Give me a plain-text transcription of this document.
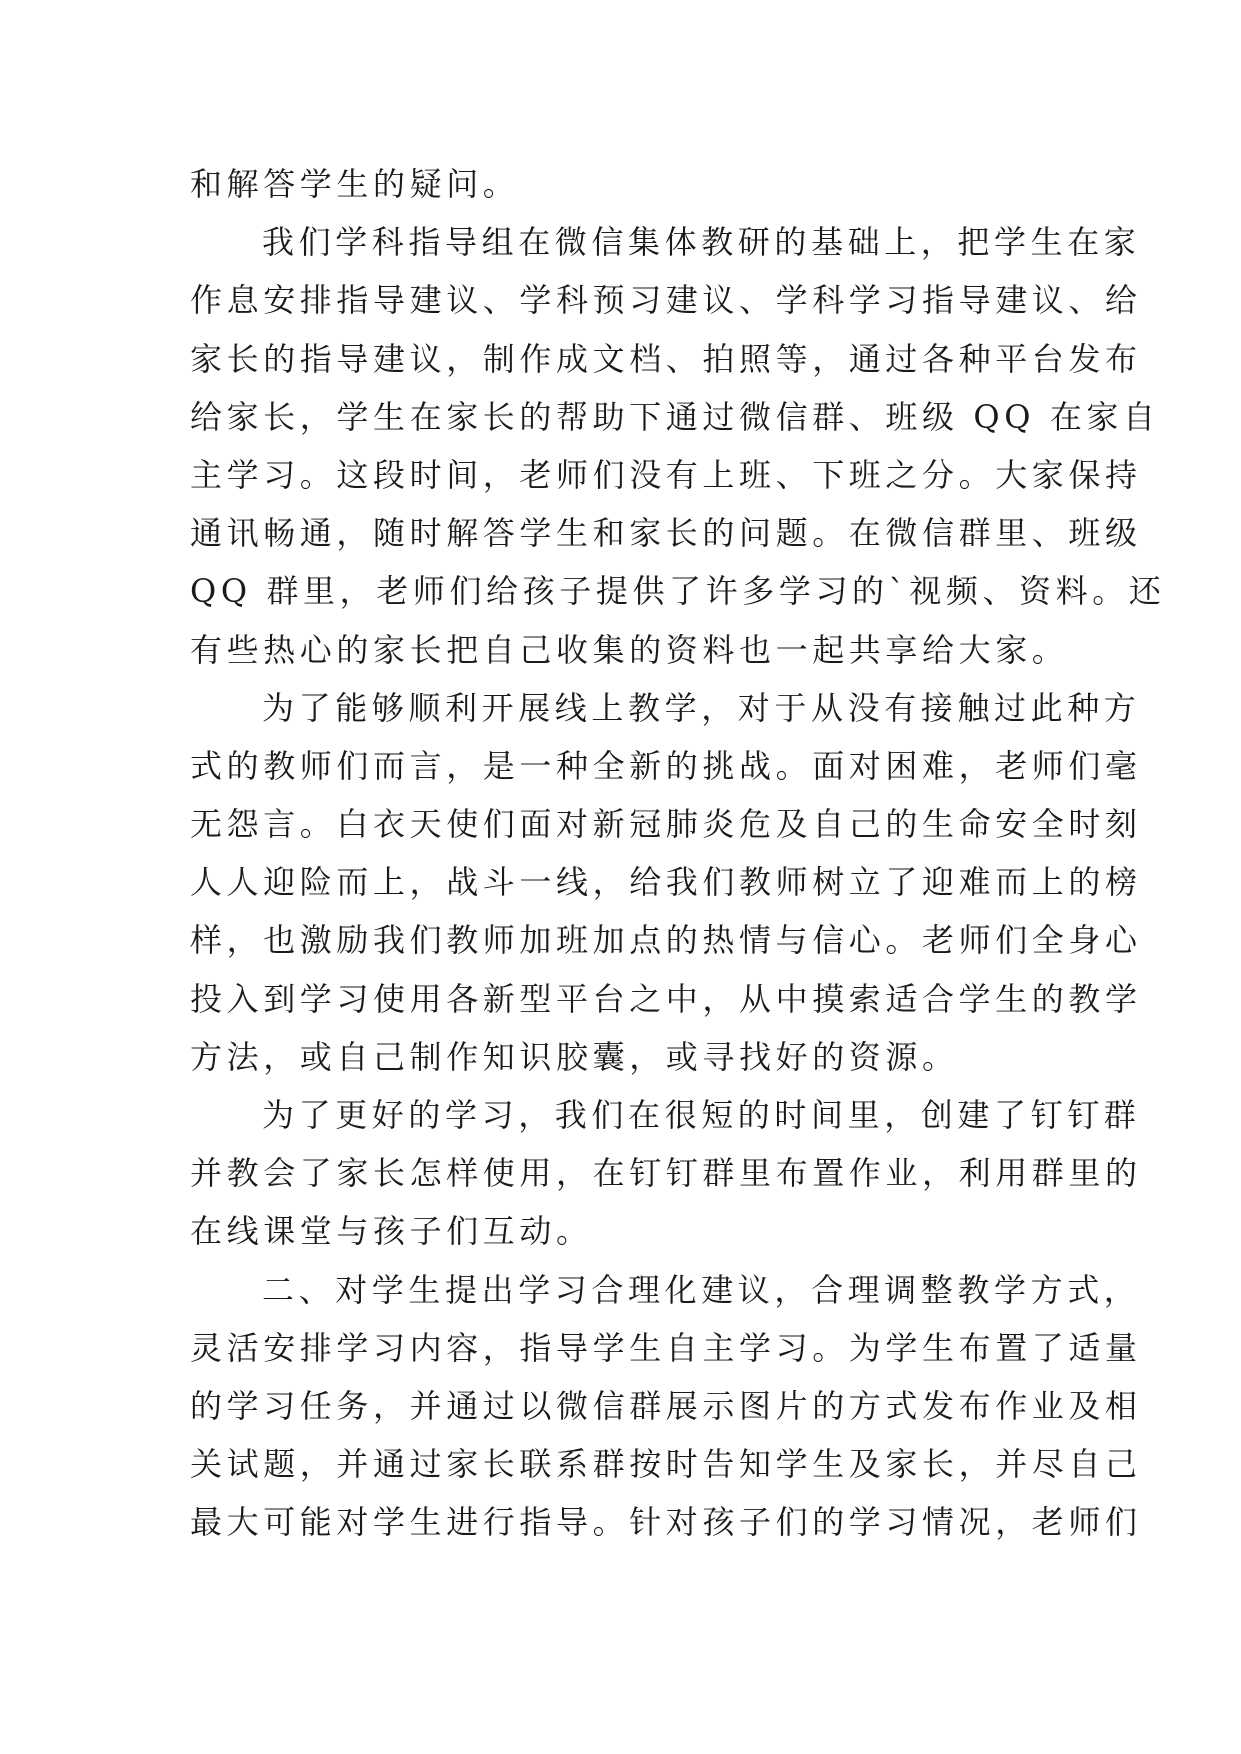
和解答学生的疑问。
我们学科指导组在微信集体教研的基础上，把学生在家
作息安排指导建议、学科预习建议、学科学习指导建议、给
家长的指导建议，制作成文档、拍照等，通过各种平台发布
给家长，学生在家长的帮助下通过微信群、班级 QQ 在家自
主学习。这段时间，老师们没有上班、下班之分。大家保持
通讯畅通，随时解答学生和家长的问题。在微信群里、班级
QQ 群里，老师们给孩子提供了许多学习的`视频、资料。还
有些热心的家长把自己收集的资料也一起共享给大家。
为了能够顺利开展线上教学，对于从没有接触过此种方
式的教师们而言，是一种全新的挑战。面对困难，老师们毫
无怨言。白衣天使们面对新冠肺炎危及自己的生命安全时刻
人人迎险而上，战斗一线，给我们教师树立了迎难而上的榜
样，也激励我们教师加班加点的热情与信心。老师们全身心
投入到学习使用各新型平台之中，从中摸索适合学生的教学
方法，或自己制作知识胶囊，或寻找好的资源。
为了更好的学习，我们在很短的时间里，创建了钉钉群
并教会了家长怎样使用，在钉钉群里布置作业，利用群里的
在线课堂与孩子们互动。
二、对学生提出学习合理化建议，合理调整教学方式，
灵活安排学习内容，指导学生自主学习。为学生布置了适量
的学习任务，并通过以微信群展示图片的方式发布作业及相
关试题，并通过家长联系群按时告知学生及家长，并尽自己
最大可能对学生进行指导。针对孩子们的学习情况，老师们
